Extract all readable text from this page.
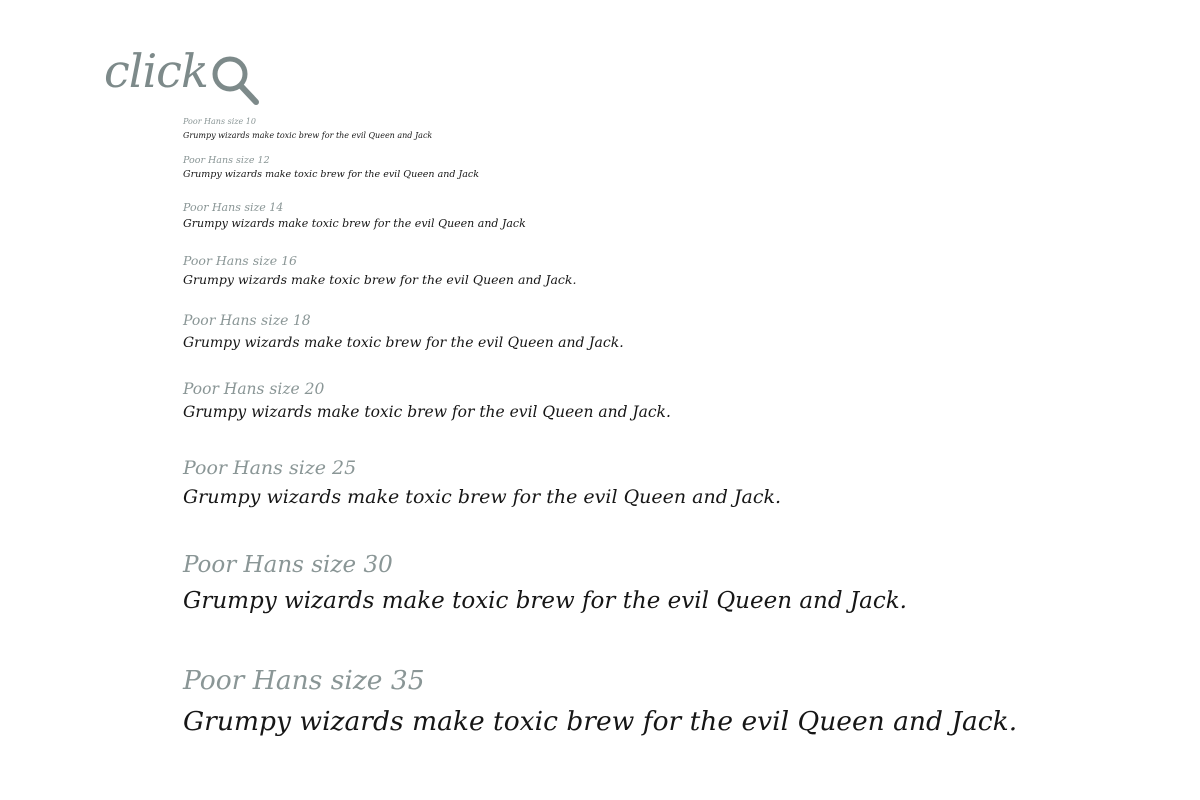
click
Poor Hans size 10
Grumpy wizards make toxic brew for the evil Queen and Jack
Poor Hans size 12
Grumpy wizards make toxic brew for the evil Queen and Jack
Poor Hans size 14
Grumpy wizards make toxic brew for the evil Queen and Jack
Poor Hans size 16
Grumpy wizards make toxic brew for the evil Queen and Jack.
Poor Hans size 18
Grumpy wizards make toxic brew for the evil Queen and Jack.
Poor Hans size 20
Grumpy wizards make toxic brew for the evil Queen and Jack.
Poor Hans size 25
Grumpy wizards make toxic brew for the evil Queen and Jack.
Poor Hans size 30
Grumpy wizards make toxic brew for the evil Queen and Jack.
Poor Hans size 35
Grumpy wizards make toxic brew for the evil Queen and Jack.
